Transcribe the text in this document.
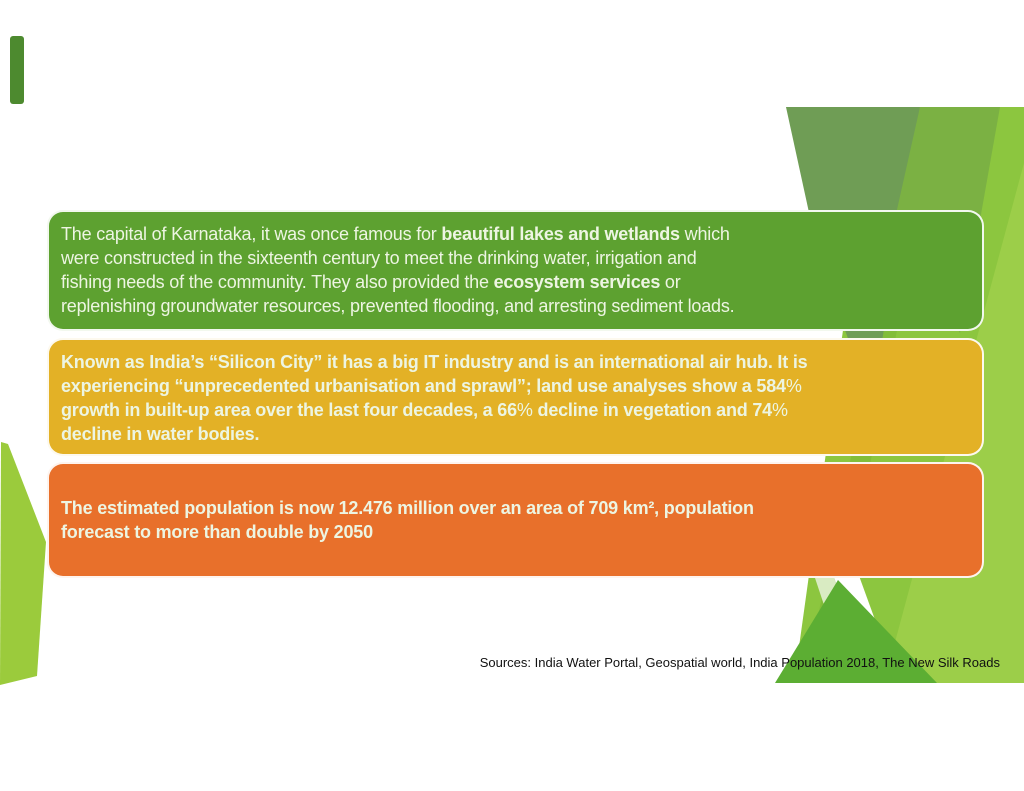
The capital of Karnataka, it was once famous for beautiful lakes and wetlands which
were constructed in the sixteenth century to meet the drinking water, irrigation and
fishing needs of the community. They also provided the ecosystem services or
replenishing groundwater resources, prevented flooding, and arresting sediment loads.
Known as India’s “Silicon City” it has a big IT industry and is an international air hub. It is
experiencing “unprecedented urbanisation and sprawl”; land use analyses show a 584%
growth in built-up area over the last four decades, a 66% decline in vegetation and 74%
decline in water bodies.
The estimated population is now 12.476 million over an area of 709 km², population
forecast to more than double by 2050
Sources: India Water Portal, Geospatial world, India Population 2018, The New Silk Roads
